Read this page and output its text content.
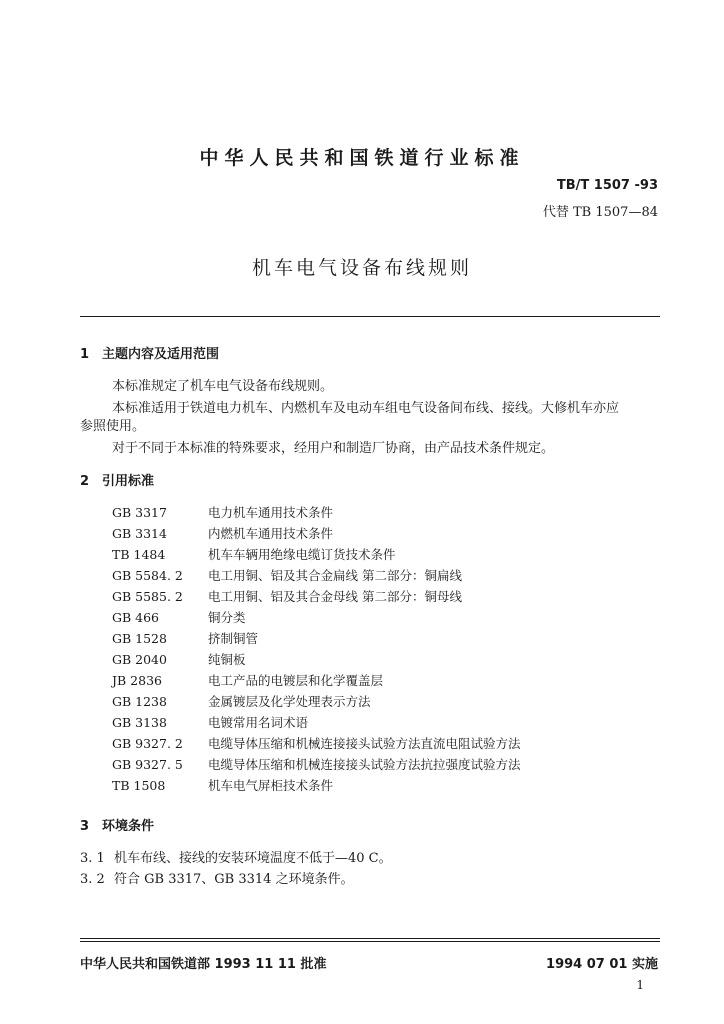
中华人民共和国铁道行业标准
TB/T 1507 -93
代替 TB 1507—84
机车电气设备布线规则
1 主题内容及适用范围
本标准规定了机车电气设备布线规则。
本标准适用于铁道电力机车、内燃机车及电动车组电气设备间布线、接线。大修机车亦应
参照使用。
对于不同于本标准的特殊要求，经用户和制造厂协商，由产品技术条件规定。
2 引用标准
GB 3317	电力机车通用技术条件
GB 3314	内燃机车通用技术条件
TB 1484	机车车辆用绝缘电缆订货技术条件
GB 5584. 2 电工用铜、铝及其合金扁线 第二部分：铜扁线
GB 5585. 2 电工用铜、铝及其合金母线 第二部分：铜母线
GB 466	铜分类
GB 1528	挤制铜管
GB 2040	纯铜板
JB 2836	电工产品的电镀层和化学覆盖层
GB 1238	金属镀层及化学处理表示方法
GB 3138	电镀常用名词术语
GB 9327. 2 电缆导体压缩和机械连接接头试验方法直流电阻试验方法
GB 9327. 5 电缆导体压缩和机械连接接头试验方法抗拉强度试验方法
TB 1508	机车电气屏柜技术条件
3 环境条件
3. 1 机车布线、接线的安装环境温度不低于—40 C。
3. 2 符合 GB 3317、GB 3314 之环境条件。
中华人民共和国铁道部 1993 11 11 批准	1994 07 01 实施
1
